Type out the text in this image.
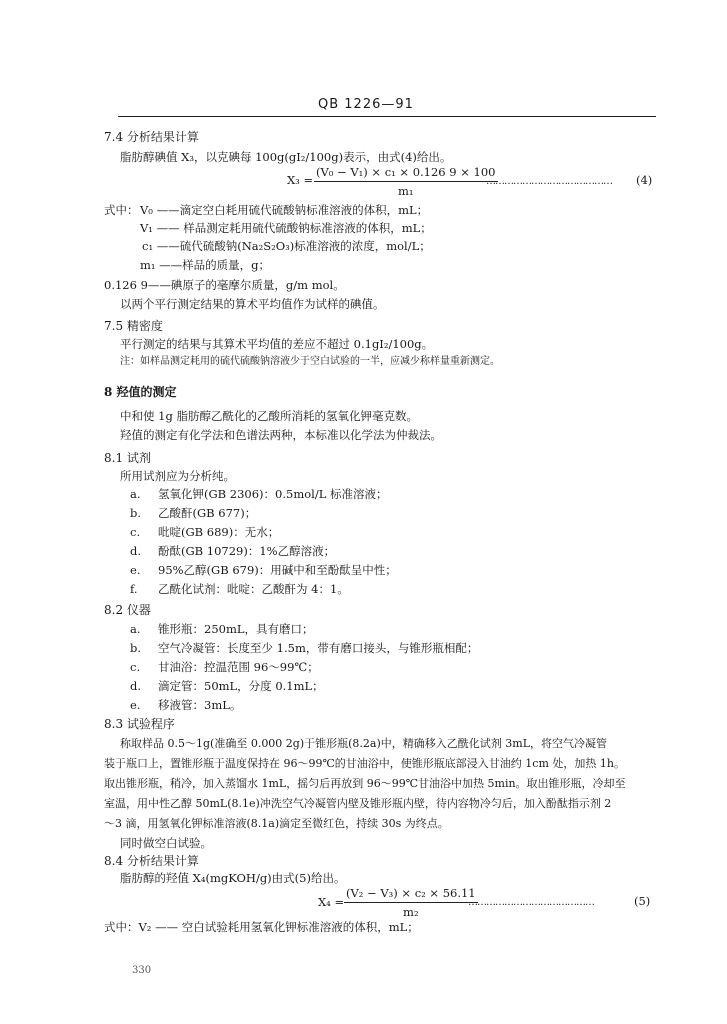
QB 1226—91
7.4 分析结果计算
脂肪醇碘值 X₃，以克碘每 100g(gI₂/100g)表示，由式(4)给出。
$X_3 = \frac{\text{(V₀ − V₁) × c₁ × 0.126 9 × 100}}{\text{m₁}}$
…………………………………… (4)
式中： V₀ ——滴定空白耗用硫代硫酸钠标准溶液的体积，mL；
V₁ —— 样品测定耗用硫代硫酸钠标准溶液的体积，mL；
c₁ ——硫代硫酸钠(Na₂S₂O₃)标准溶液的浓度，mol/L；
m₁ ——样品的质量，g；
0.126 9——碘原子的毫摩尔质量，g/m mol。
以两个平行测定结果的算术平均值作为试样的碘值。
7.5 精密度
平行测定的结果与其算术平均值的差应不超过 0.1gI₂/100g。
注：如样品测定耗用的硫代硫酸钠溶液少于空白试验的一半，应减少称样量重新测定。
8 羟值的测定
中和使 1g 脂肪醇乙酰化的乙酸所消耗的氢氧化钾毫克数。
羟值的测定有化学法和色谱法两种，本标准以化学法为仲裁法。
8.1 试剂
所用试剂应为分析纯。
a. 氢氧化钾(GB 2306)：0.5mol/L 标准溶液；
b. 乙酸酐(GB 677)；
c. 吡啶(GB 689)：无水；
d. 酚酞(GB 10729)：1%乙醇溶液；
e. 95%乙醇(GB 679)：用碱中和至酚酞呈中性；
f. 乙酰化试剂：吡啶：乙酸酐为 4：1。
8.2 仪器
a. 锥形瓶：250mL，具有磨口；
b. 空气冷凝管：长度至少 1.5m，带有磨口接头，与锥形瓶相配；
c. 甘油浴：控温范围 96～99℃；
d. 滴定管：50mL，分度 0.1mL；
e. 移液管：3mL。
8.3 试验程序
称取样品 0.5～1g(准确至 0.000 2g)于锥形瓶(8.2a)中，精确移入乙酰化试剂 3mL，将空气冷凝管
装于瓶口上，置锥形瓶于温度保持在 96～99℃的甘油浴中，使锥形瓶底部浸入甘油约 1cm 处，加热 1h。
取出锥形瓶，稍冷，加入蒸馏水 1mL，摇匀后再放到 96～99℃甘油浴中加热 5min。取出锥形瓶，冷却至
室温，用中性乙醇 50mL(8.1e)冲洗空气冷凝管内壁及锥形瓶内壁，待内容物冷匀后，加入酚酞指示剂 2
～3 滴，用氢氧化钾标准溶液(8.1a)滴定至微红色，持续 30s 为终点。
同时做空白试验。
8.4 分析结果计算
脂肪醇的羟值 X₄(mgKOH/g)由式(5)给出。
$X_4 = \frac{\text{(V₂ − V₃) × c₂ × 56.11}}{\text{m₂}}$
……………………………………	(5)
式中：V₂ —— 空白试验耗用氢氧化钾标准溶液的体积，mL；
330
